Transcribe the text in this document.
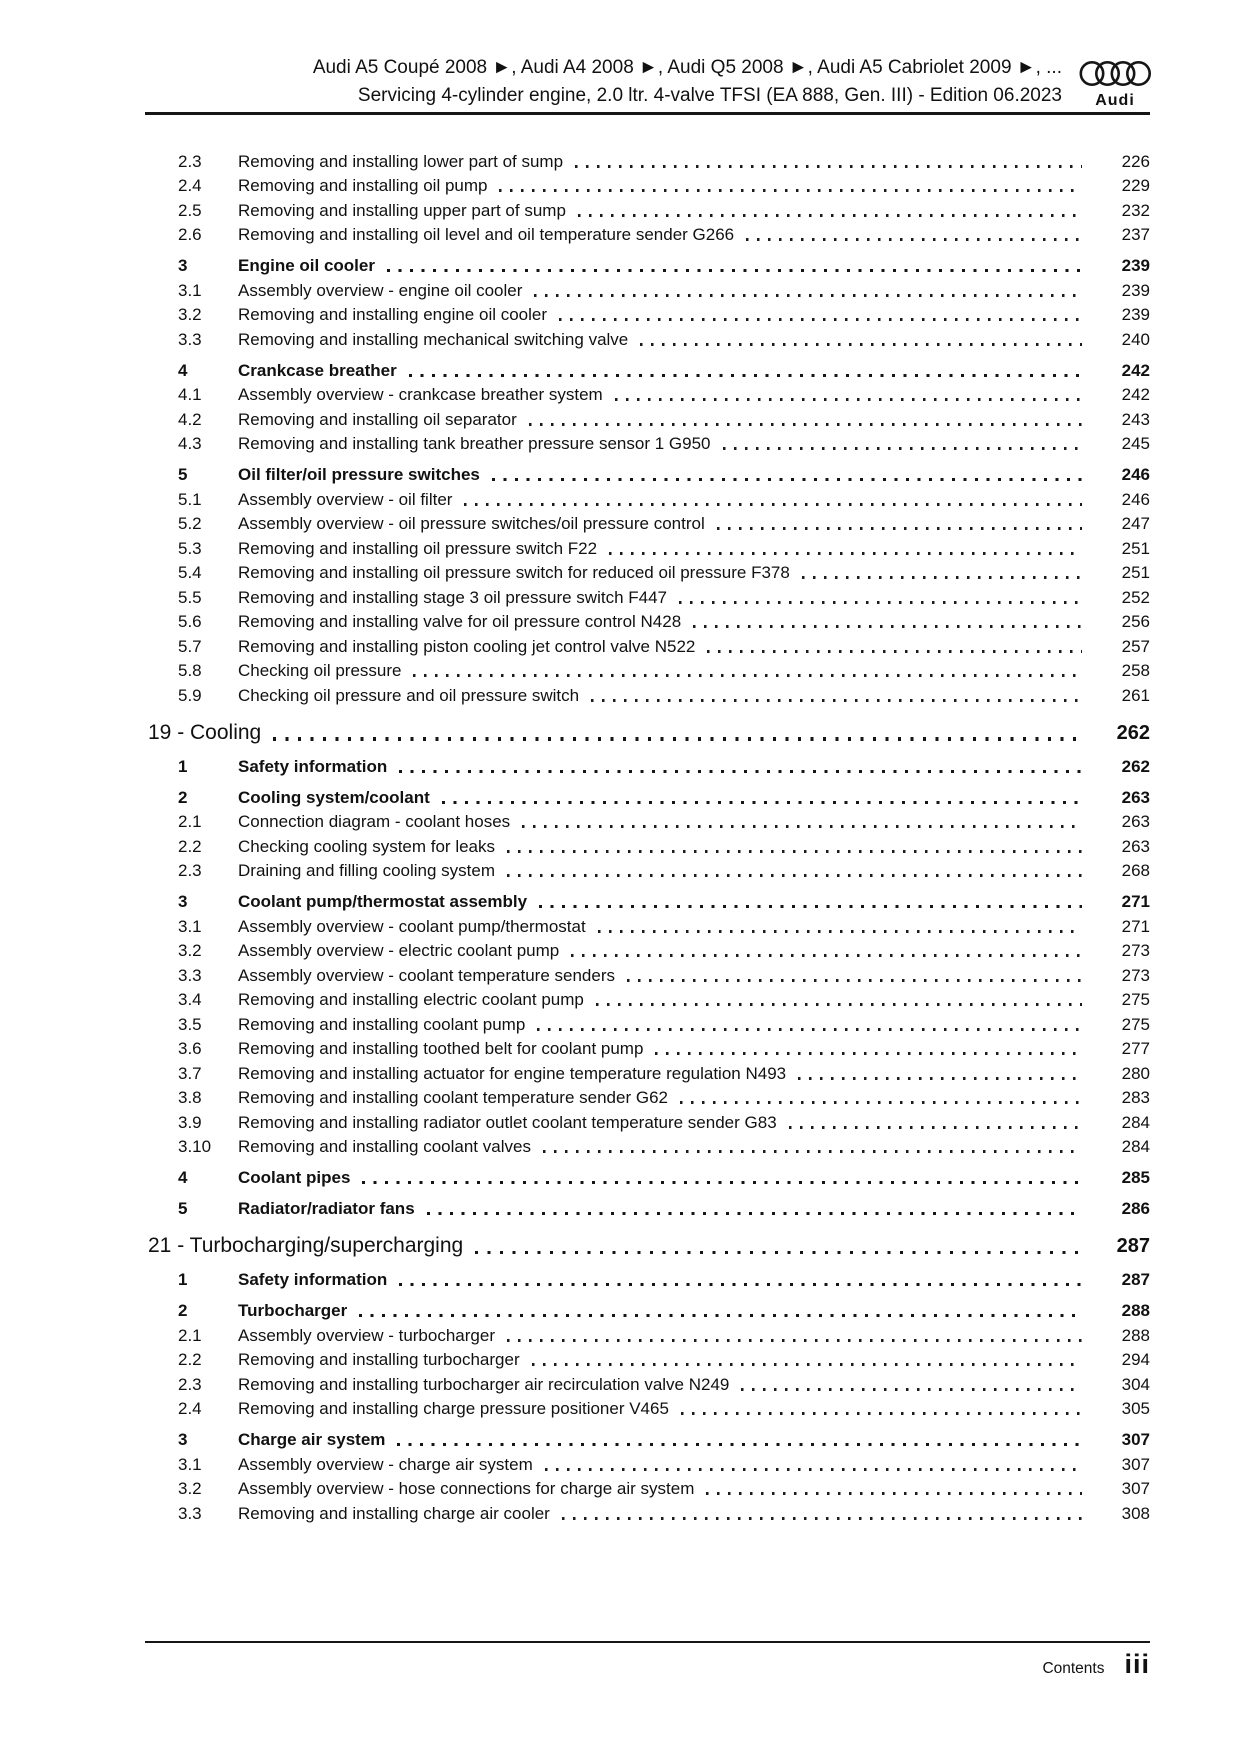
Audi A5 Coupé 2008 ►, Audi A4 2008 ►, Audi Q5 2008 ►, Audi A5 Cabriolet 2009 ►, ...
Servicing 4-cylinder engine, 2.0 ltr. 4-valve TFSI (EA 888, Gen. III) - Edition 06.2023 Audi
2.3	Removing and installing lower part of sump	226
2.4	Removing and installing oil pump	229
2.5	Removing and installing upper part of sump	232
2.6	Removing and installing oil level and oil temperature sender G266	237
3	Engine oil cooler	239
3.1	Assembly overview - engine oil cooler	239
3.2	Removing and installing engine oil cooler	239
3.3	Removing and installing mechanical switching valve	240
4	Crankcase breather	242
4.1	Assembly overview - crankcase breather system	242
4.2	Removing and installing oil separator	243
4.3	Removing and installing tank breather pressure sensor 1 G950	245
5	Oil filter/oil pressure switches	246
5.1	Assembly overview - oil filter	246
5.2	Assembly overview - oil pressure switches/oil pressure control	247
5.3	Removing and installing oil pressure switch F22	251
5.4	Removing and installing oil pressure switch for reduced oil pressure F378	251
5.5	Removing and installing stage 3 oil pressure switch F447	252
5.6	Removing and installing valve for oil pressure control N428	256
5.7	Removing and installing piston cooling jet control valve N522	257
5.8	Checking oil pressure	258
5.9	Checking oil pressure and oil pressure switch	261
19 - Cooling	262
1	Safety information	262
2	Cooling system/coolant	263
2.1	Connection diagram - coolant hoses	263
2.2	Checking cooling system for leaks	263
2.3	Draining and filling cooling system	268
3	Coolant pump/thermostat assembly	271
3.1	Assembly overview - coolant pump/thermostat	271
3.2	Assembly overview - electric coolant pump	273
3.3	Assembly overview - coolant temperature senders	273
3.4	Removing and installing electric coolant pump	275
3.5	Removing and installing coolant pump	275
3.6	Removing and installing toothed belt for coolant pump	277
3.7	Removing and installing actuator for engine temperature regulation N493	280
3.8	Removing and installing coolant temperature sender G62	283
3.9	Removing and installing radiator outlet coolant temperature sender G83	284
3.10	Removing and installing coolant valves	284
4	Coolant pipes	285
5	Radiator/radiator fans	286
21 - Turbocharging/supercharging	287
1	Safety information	287
2	Turbocharger	288
2.1	Assembly overview - turbocharger	288
2.2	Removing and installing turbocharger	294
2.3	Removing and installing turbocharger air recirculation valve N249	304
2.4	Removing and installing charge pressure positioner V465	305
3	Charge air system	307
3.1	Assembly overview - charge air system	307
3.2	Assembly overview - hose connections for charge air system	307
3.3	Removing and installing charge air cooler	308
Contents iii
